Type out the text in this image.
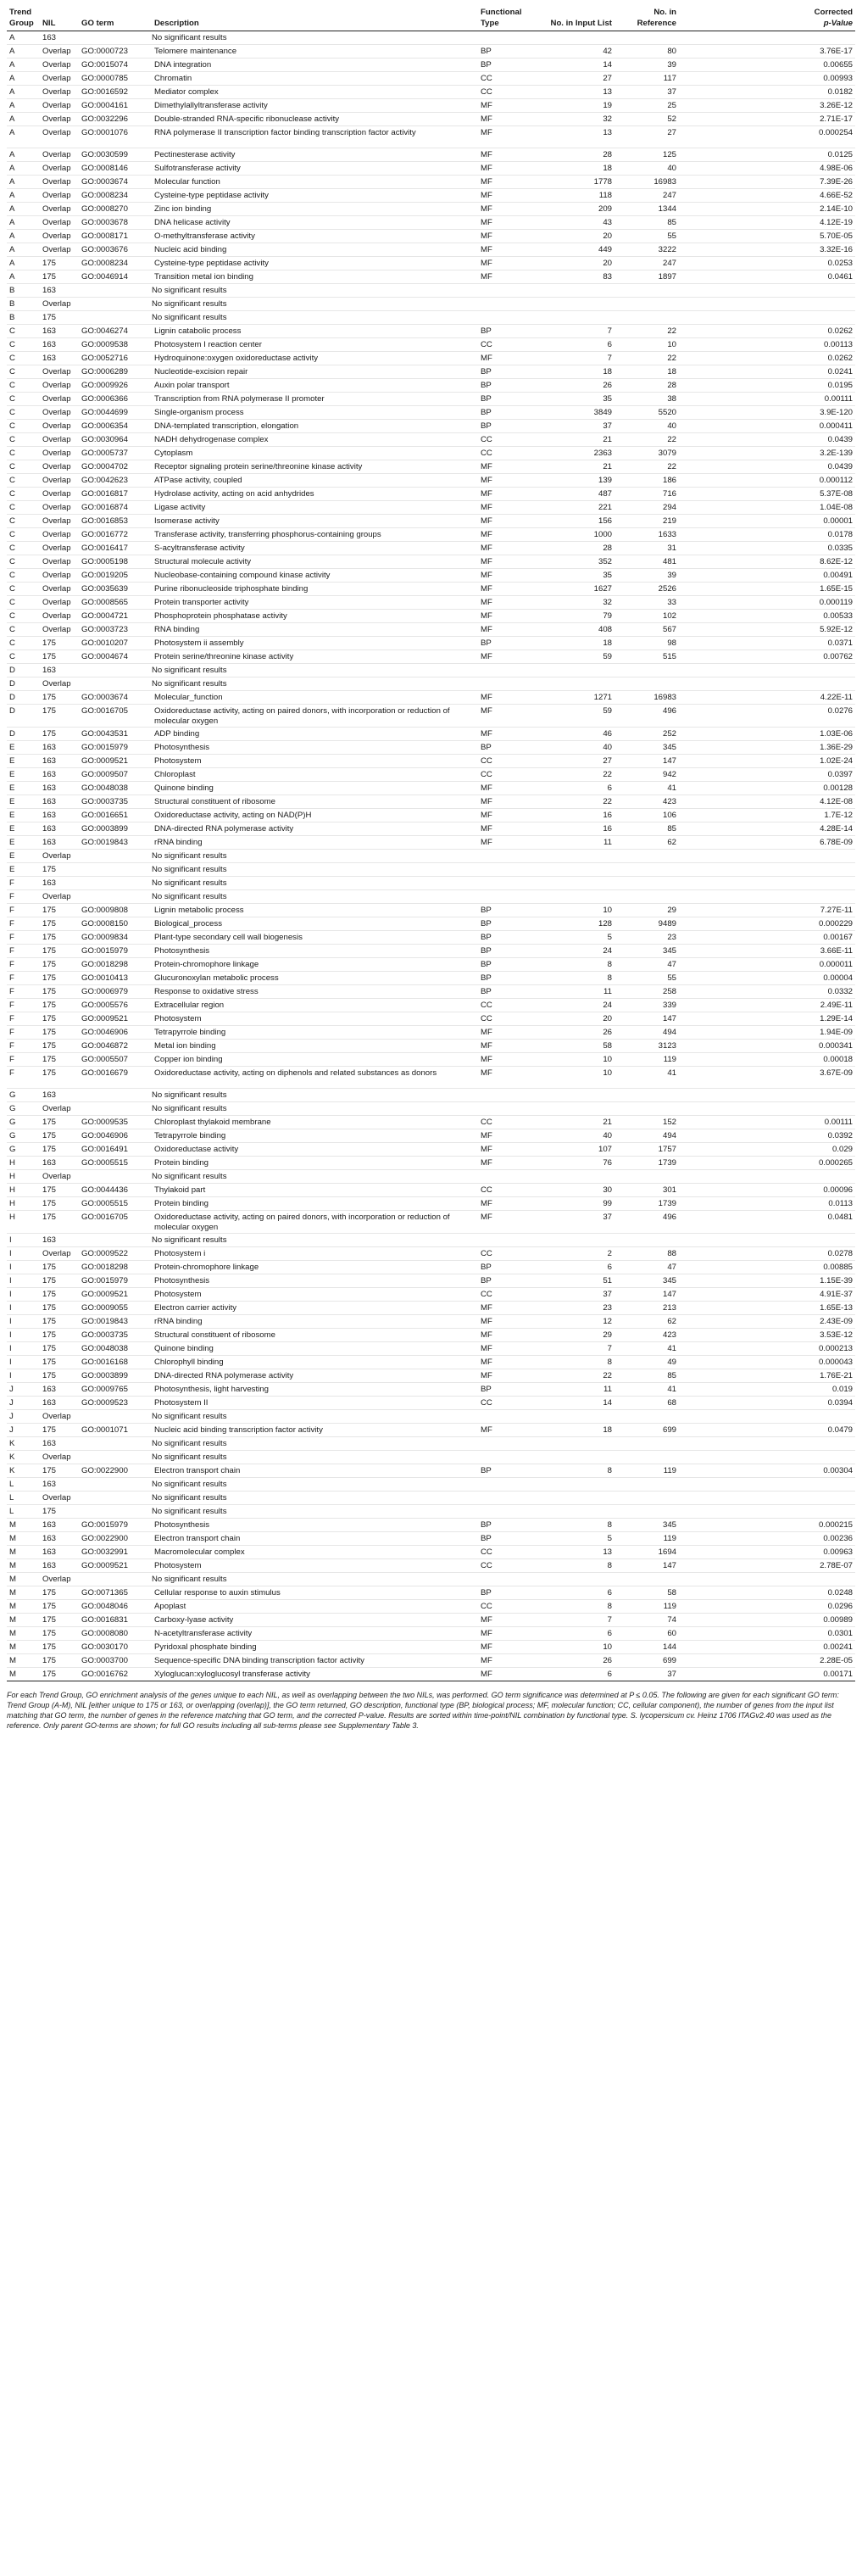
Trend Group	NIL	GO term	Description	Functional Type	No. in Input List	No. in Reference	Corrected
p-Value
A	163		No significant results				
A	Overlap	GO:0000723	Telomere maintenance	BP	42	80	3.76E-17
A	Overlap	GO:0015074	DNA integration	BP	14	39	0.00655
A	Overlap	GO:0000785	Chromatin	CC	27	117	0.00993
A	Overlap	GO:0016592	Mediator complex	CC	13	37	0.0182
A	Overlap	GO:0004161	Dimethylallyltransferase activity	MF	19	25	3.26E-12
A	Overlap	GO:0032296	Double-stranded RNA-specific ribonuclease activity	MF	32	52	2.71E-17
A	Overlap	GO:0001076	RNA polymerase II transcription factor binding transcription factor activity	MF	13	27	0.000254
A	Overlap	GO:0030599	Pectinesterase activity	MF	28	125	0.0125
A	Overlap	GO:0008146	Sulfotransferase activity	MF	18	40	4.98E-06
A	Overlap	GO:0003674	Molecular function	MF	1778	16983	7.39E-26
A	Overlap	GO:0008234	Cysteine-type peptidase activity	MF	118	247	4.66E-52
A	Overlap	GO:0008270	Zinc ion binding	MF	209	1344	2.14E-10
A	Overlap	GO:0003678	DNA helicase activity	MF	43	85	4.12E-19
A	Overlap	GO:0008171	O-methyltransferase activity	MF	20	55	5.70E-05
A	Overlap	GO:0003676	Nucleic acid binding	MF	449	3222	3.32E-16
A	175	GO:0008234	Cysteine-type peptidase activity	MF	20	247	0.0253
A	175	GO:0046914	Transition metal ion binding	MF	83	1897	0.0461
B	163		No significant results				
B	Overlap		No significant results				
B	175		No significant results				
C	163	GO:0046274	Lignin catabolic process	BP	7	22	0.0262
C	163	GO:0009538	Photosystem I reaction center	CC	6	10	0.00113
C	163	GO:0052716	Hydroquinone:oxygen oxidoreductase activity	MF	7	22	0.0262
C	Overlap	GO:0006289	Nucleotide-excision repair	BP	18	18	0.0241
C	Overlap	GO:0009926	Auxin polar transport	BP	26	28	0.0195
C	Overlap	GO:0006366	Transcription from RNA polymerase II promoter	BP	35	38	0.00111
C	Overlap	GO:0044699	Single-organism process	BP	3849	5520	3.9E-120
C	Overlap	GO:0006354	DNA-templated transcription, elongation	BP	37	40	0.000411
C	Overlap	GO:0030964	NADH dehydrogenase complex	CC	21	22	0.0439
C	Overlap	GO:0005737	Cytoplasm	CC	2363	3079	3.2E-139
C	Overlap	GO:0004702	Receptor signaling protein serine/threonine kinase activity	MF	21	22	0.0439
C	Overlap	GO:0042623	ATPase activity, coupled	MF	139	186	0.000112
C	Overlap	GO:0016817	Hydrolase activity, acting on acid anhydrides	MF	487	716	5.37E-08
C	Overlap	GO:0016874	Ligase activity	MF	221	294	1.04E-08
C	Overlap	GO:0016853	Isomerase activity	MF	156	219	0.00001
C	Overlap	GO:0016772	Transferase activity, transferring phosphorus-containing groups	MF	1000	1633	0.0178
C	Overlap	GO:0016417	S-acyltransferase activity	MF	28	31	0.0335
C	Overlap	GO:0005198	Structural molecule activity	MF	352	481	8.62E-12
C	Overlap	GO:0019205	Nucleobase-containing compound kinase activity	MF	35	39	0.00491
C	Overlap	GO:0035639	Purine ribonucleoside triphosphate binding	MF	1627	2526	1.65E-15
C	Overlap	GO:0008565	Protein transporter activity	MF	32	33	0.000119
C	Overlap	GO:0004721	Phosphoprotein phosphatase activity	MF	79	102	0.00533
C	Overlap	GO:0003723	RNA binding	MF	408	567	5.92E-12
C	175	GO:0010207	Photosystem ii assembly	BP	18	98	0.0371
C	175	GO:0004674	Protein serine/threonine kinase activity	MF	59	515	0.00762
D	163		No significant results				
D	Overlap		No significant results				
D	175	GO:0003674	Molecular_function	MF	1271	16983	4.22E-11
D	175	GO:0016705	Oxidoreductase activity, acting on paired donors, with incorporation or reduction of molecular oxygen	MF	59	496	0.0276
D	175	GO:0043531	ADP binding	MF	46	252	1.03E-06
E	163	GO:0015979	Photosynthesis	BP	40	345	1.36E-29
E	163	GO:0009521	Photosystem	CC	27	147	1.02E-24
E	163	GO:0009507	Chloroplast	CC	22	942	0.0397
E	163	GO:0048038	Quinone binding	MF	6	41	0.00128
E	163	GO:0003735	Structural constituent of ribosome	MF	22	423	4.12E-08
E	163	GO:0016651	Oxidoreductase activity, acting on NAD(P)H	MF	16	106	1.7E-12
E	163	GO:0003899	DNA-directed RNA polymerase activity	MF	16	85	4.28E-14
E	163	GO:0019843	rRNA binding	MF	11	62	6.78E-09
E	Overlap		No significant results				
E	175		No significant results				
F	163		No significant results				
F	Overlap		No significant results				
F	175	GO:0009808	Lignin metabolic process	BP	10	29	7.27E-11
F	175	GO:0008150	Biological_process	BP	128	9489	0.000229
F	175	GO:0009834	Plant-type secondary cell wall biogenesis	BP	5	23	0.00167
F	175	GO:0015979	Photosynthesis	BP	24	345	3.66E-11
F	175	GO:0018298	Protein-chromophore linkage	BP	8	47	0.000011
F	175	GO:0010413	Glucuronoxylan metabolic process	BP	8	55	0.00004
F	175	GO:0006979	Response to oxidative stress	BP	11	258	0.0332
F	175	GO:0005576	Extracellular region	CC	24	339	2.49E-11
F	175	GO:0009521	Photosystem	CC	20	147	1.29E-14
F	175	GO:0046906	Tetrapyrrole binding	MF	26	494	1.94E-09
F	175	GO:0046872	Metal ion binding	MF	58	3123	0.000341
F	175	GO:0005507	Copper ion binding	MF	10	119	0.00018
F	175	GO:0016679	Oxidoreductase activity, acting on diphenols and related substances as donors	MF	10	41	3.67E-09
G	163		No significant results				
G	Overlap		No significant results				
G	175	GO:0009535	Chloroplast thylakoid membrane	CC	21	152	0.00111
G	175	GO:0046906	Tetrapyrrole binding	MF	40	494	0.0392
G	175	GO:0016491	Oxidoreductase activity	MF	107	1757	0.029
H	163	GO:0005515	Protein binding	MF	76	1739	0.000265
H	Overlap		No significant results				
H	175	GO:0044436	Thylakoid part	CC	30	301	0.00096
H	175	GO:0005515	Protein binding	MF	99	1739	0.0113
H	175	GO:0016705	Oxidoreductase activity, acting on paired donors, with incorporation or reduction of molecular oxygen	MF	37	496	0.0481
I	163		No significant results				
I	Overlap	GO:0009522	Photosystem i	CC	2	88	0.0278
I	175	GO:0018298	Protein-chromophore linkage	BP	6	47	0.00885
I	175	GO:0015979	Photosynthesis	BP	51	345	1.15E-39
I	175	GO:0009521	Photosystem	CC	37	147	4.91E-37
I	175	GO:0009055	Electron carrier activity	MF	23	213	1.65E-13
I	175	GO:0019843	rRNA binding	MF	12	62	2.43E-09
I	175	GO:0003735	Structural constituent of ribosome	MF	29	423	3.53E-12
I	175	GO:0048038	Quinone binding	MF	7	41	0.000213
I	175	GO:0016168	Chlorophyll binding	MF	8	49	0.000043
I	175	GO:0003899	DNA-directed RNA polymerase activity	MF	22	85	1.76E-21
J	163	GO:0009765	Photosynthesis, light harvesting	BP	11	41	0.019
J	163	GO:0009523	Photosystem II	CC	14	68	0.0394
J	Overlap		No significant results				
J	175	GO:0001071	Nucleic acid binding transcription factor activity	MF	18	699	0.0479
K	163		No significant results				
K	Overlap		No significant results				
K	175	GO:0022900	Electron transport chain	BP	8	119	0.00304
L	163		No significant results				
L	Overlap		No significant results				
L	175		No significant results				
M	163	GO:0015979	Photosynthesis	BP	8	345	0.000215
M	163	GO:0022900	Electron transport chain	BP	5	119	0.00236
M	163	GO:0032991	Macromolecular complex	CC	13	1694	0.00963
M	163	GO:0009521	Photosystem	CC	8	147	2.78E-07
M	Overlap		No significant results				
M	175	GO:0071365	Cellular response to auxin stimulus	BP	6	58	0.0248
M	175	GO:0048046	Apoplast	CC	8	119	0.0296
M	175	GO:0016831	Carboxy-lyase activity	MF	7	74	0.00989
M	175	GO:0008080	N-acetyltransferase activity	MF	6	60	0.0301
M	175	GO:0030170	Pyridoxal phosphate binding	MF	10	144	0.00241
M	175	GO:0003700	Sequence-specific DNA binding transcription factor activity	MF	26	699	2.28E-05
M	175	GO:0016762	Xyloglucan:xyloglucosyl transferase activity	MF	6	37	0.00171
For each Trend Group, GO enrichment analysis of the genes unique to each NIL, as well as overlapping between the two NILs, was performed. GO term significance was determined at P ≤ 0.05. The following are given for each significant GO term: Trend Group (A-M), NIL [either unique to 175 or 163, or overlapping (overlap)], the GO term returned, GO description, functional type (BP, biological process; MF, molecular function; CC, cellular component), the number of genes from the input list matching that GO term, the number of genes in the reference matching that GO term, and the corrected P-value. Results are sorted within time-point/NIL combination by functional type. S. lycopersicum cv. Heinz 1706 ITAGv2.40 was used as the reference. Only parent GO-terms are shown; for full GO results including all sub-terms please see Supplementary Table 3.
